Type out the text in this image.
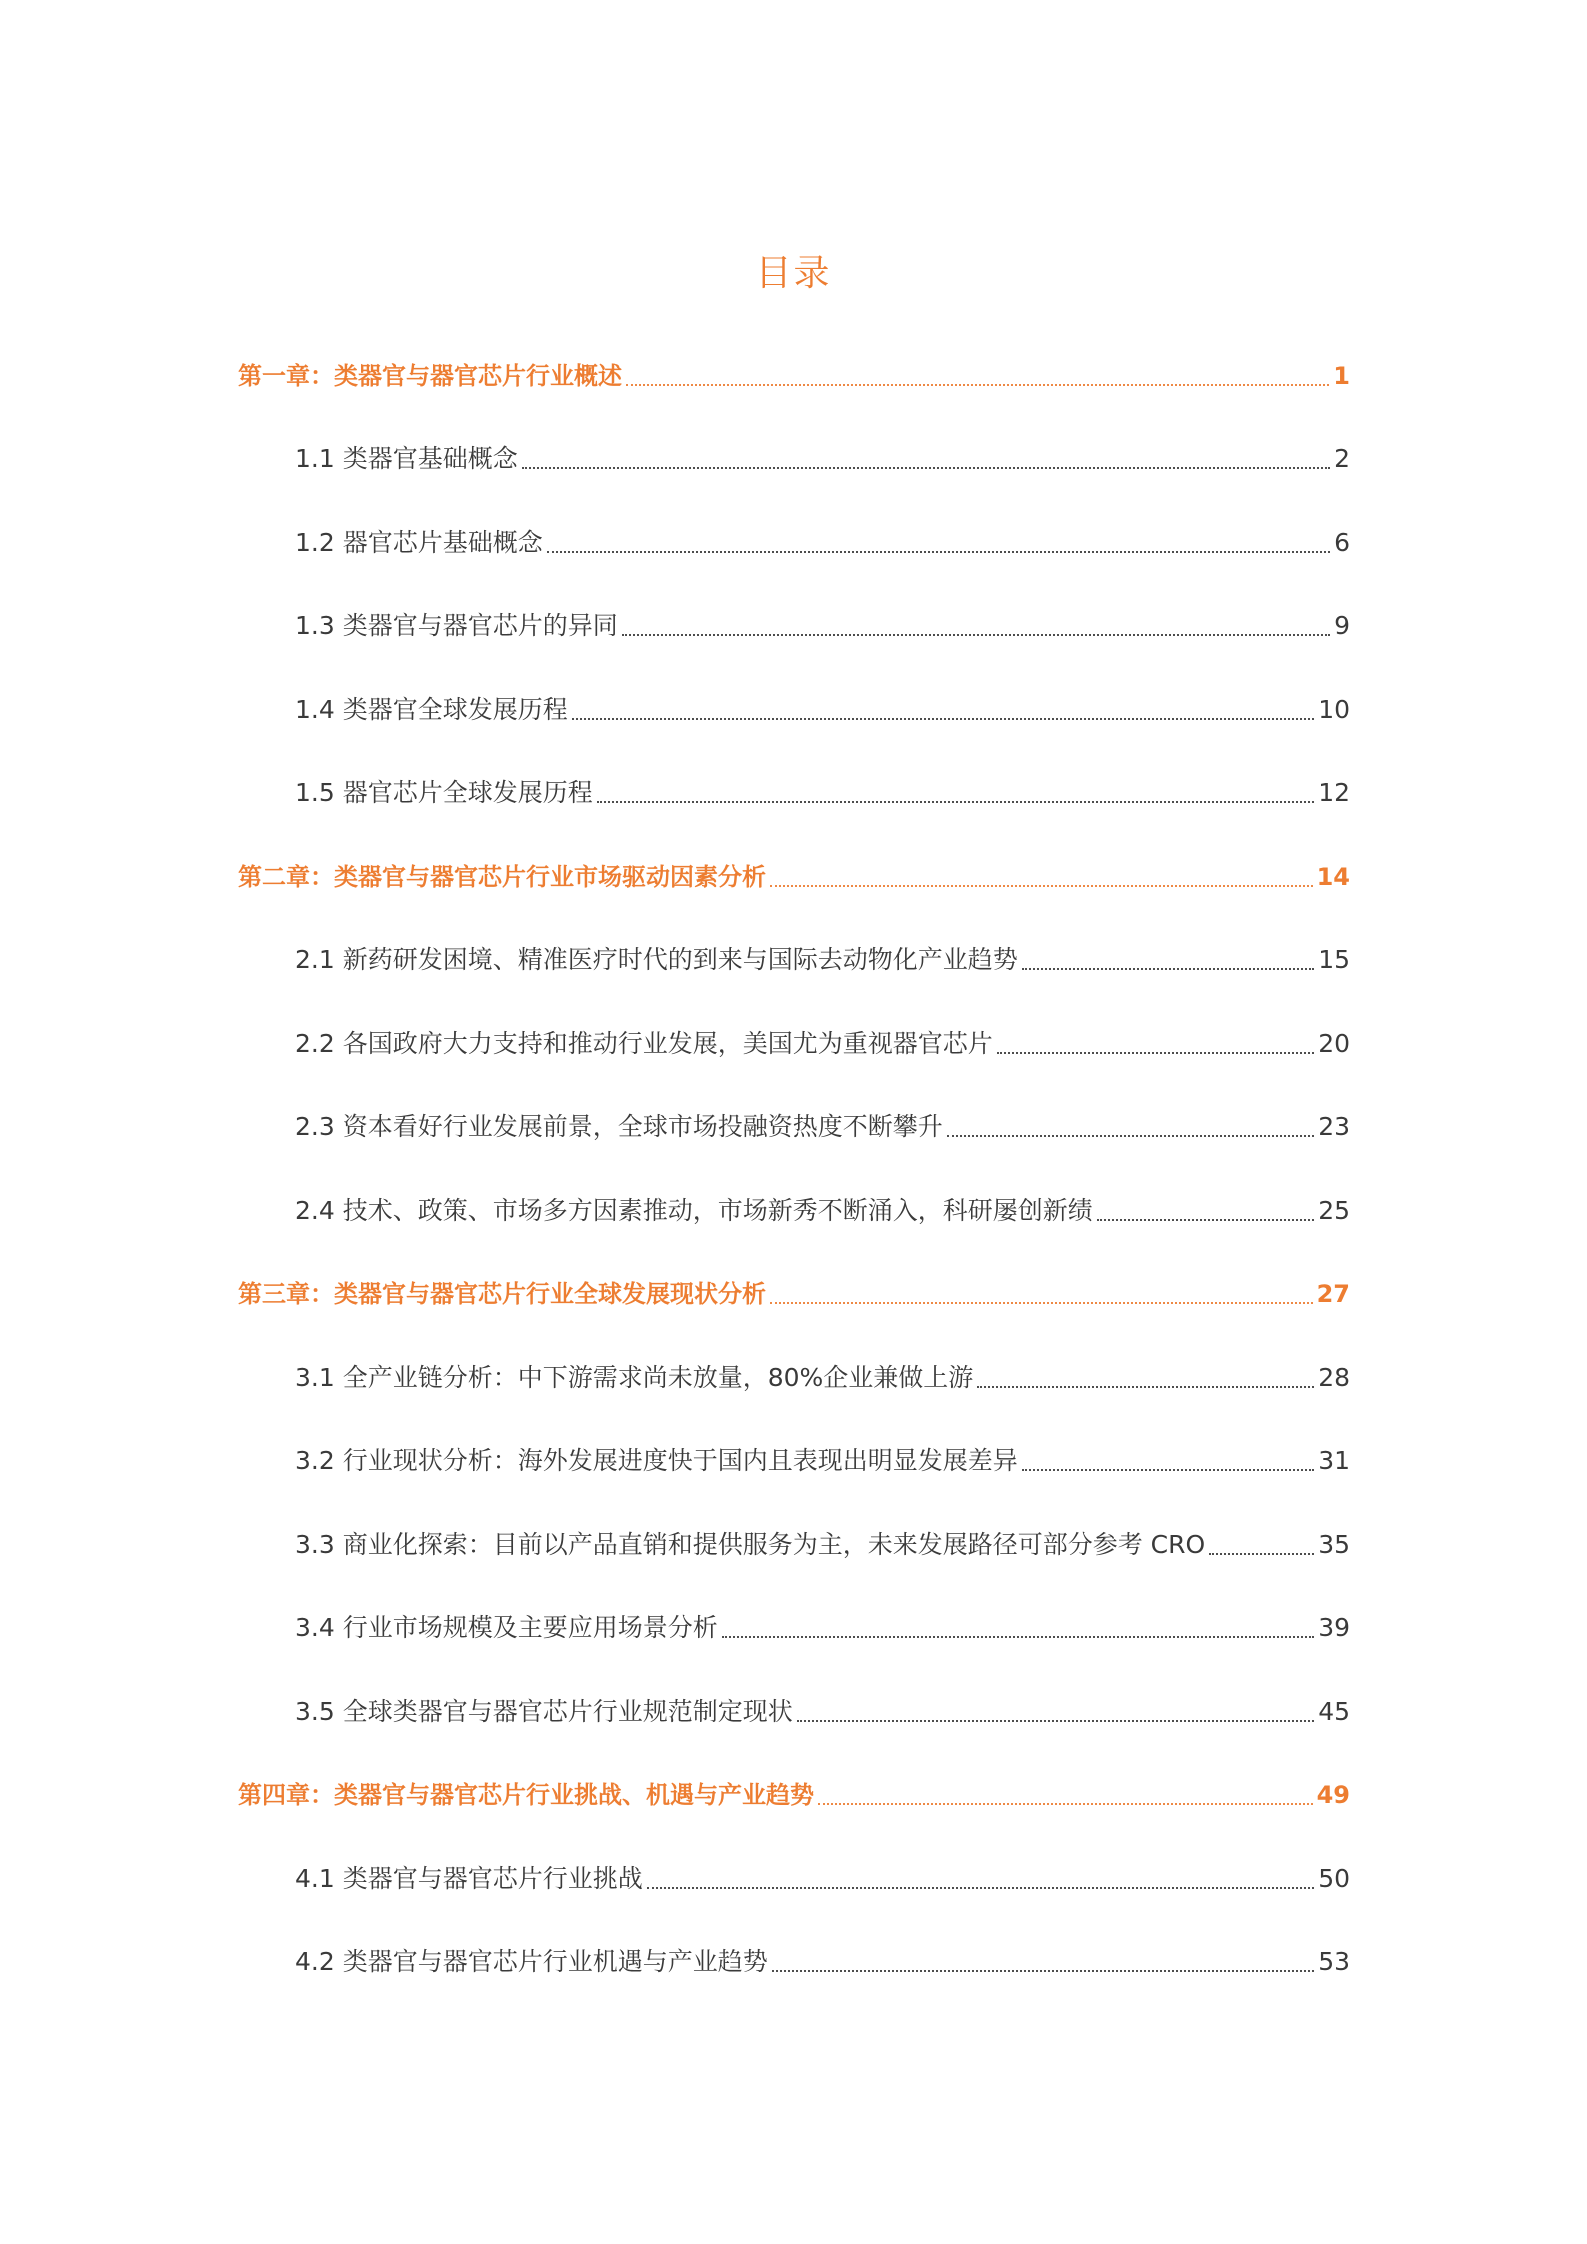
目录
第一章：类器官与器官芯片行业概述	1
1.1 类器官基础概念	2
1.2 器官芯片基础概念	6
1.3 类器官与器官芯片的异同	9
1.4 类器官全球发展历程	10
1.5 器官芯片全球发展历程	12
第二章：类器官与器官芯片行业市场驱动因素分析	14
2.1 新药研发困境、精准医疗时代的到来与国际去动物化产业趋势	15
2.2 各国政府大力支持和推动行业发展，美国尤为重视器官芯片	20
2.3 资本看好行业发展前景，全球市场投融资热度不断攀升	23
2.4 技术、政策、市场多方因素推动，市场新秀不断涌入，科研屡创新绩	25
第三章：类器官与器官芯片行业全球发展现状分析	27
3.1 全产业链分析：中下游需求尚未放量，80%企业兼做上游	28
3.2 行业现状分析：海外发展进度快于国内且表现出明显发展差异	31
3.3 商业化探索：目前以产品直销和提供服务为主，未来发展路径可部分参考 CRO	35
3.4 行业市场规模及主要应用场景分析	39
3.5 全球类器官与器官芯片行业规范制定现状	45
第四章：类器官与器官芯片行业挑战、机遇与产业趋势	49
4.1 类器官与器官芯片行业挑战	50
4.2 类器官与器官芯片行业机遇与产业趋势	53
